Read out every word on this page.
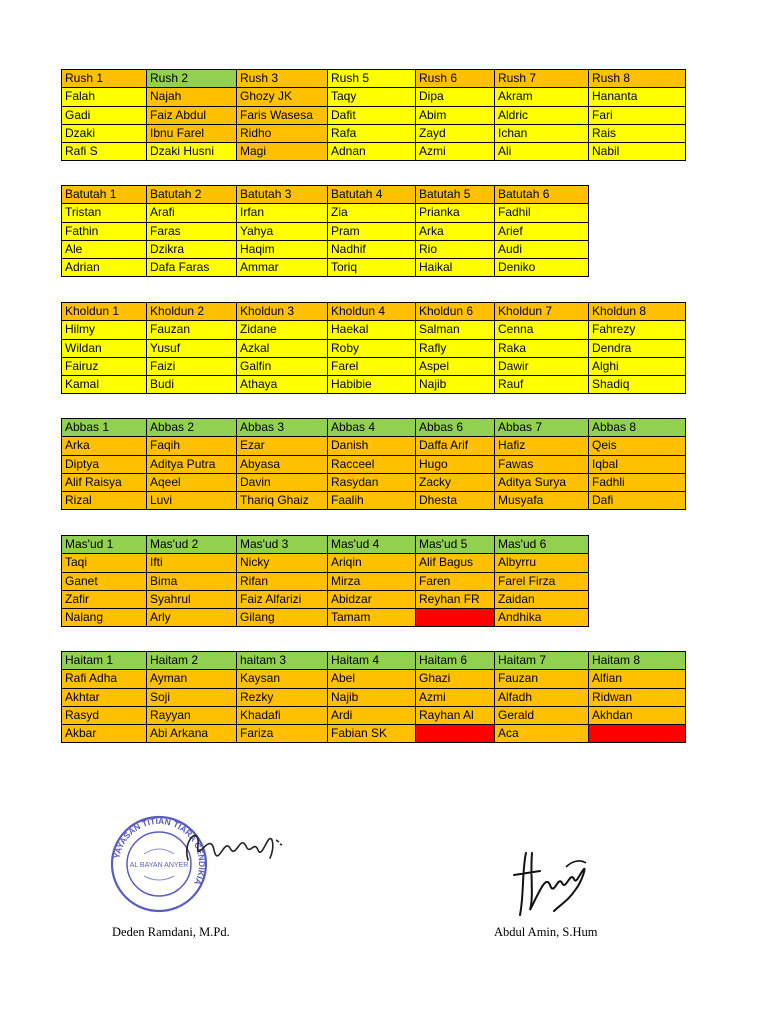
Rush 1	Rush 2	Rush 3	Rush 5	Rush 6	Rush 7	Rush 8
Falah	Najah	Ghozy JK	Taqy	Dipa	Akram	Hananta
Gadi	Faiz Abdul	Faris Wasesa	Dafit	Abim	Aldric	Fari
Dzaki	Ibnu Farel	Ridho	Rafa	Zayd	Ichan	Rais
Rafi S	Dzaki Husni	Magi	Adnan	Azmi	Ali	Nabil
Batutah 1	Batutah 2	Batutah 3	Batutah 4	Batutah 5	Batutah 6
Tristan	Arafi	Irfan	Zia	Prianka	Fadhil
Fathin	Faras	Yahya	Pram	Arka	Arief
Ale	Dzikra	Haqim	Nadhif	Rio	Audi
Adrian	Dafa Faras	Ammar	Toriq	Haikal	Deniko
Kholdun 1	Kholdun 2	Kholdun 3	Kholdun 4	Kholdun 6	Kholdun 7	Kholdun 8
Hilmy	Fauzan	Zidane	Haekal	Salman	Cenna	Fahrezy
Wildan	Yusuf	Azkal	Roby	Rafly	Raka	Dendra
Fairuz	Faizi	Galfin	Farel	Aspel	Dawir	Alghi
Kamal	Budi	Athaya	Habibie	Najib	Rauf	Shadiq
Abbas 1	Abbas 2	Abbas 3	Abbas 4	Abbas 6	Abbas 7	Abbas 8
Arka	Faqih	Ezar	Danish	Daffa Arif	Hafiz	Qeis
Diptya	Aditya Putra	Abyasa	Racceel	Hugo	Fawas	Iqbal
Alif Raisya	Aqeel	Davin	Rasydan	Zacky	Aditya Surya	Fadhli
Rizal	Luvi	Thariq Ghaiz	Faalih	Dhesta	Musyafa	Dafi
Mas'ud 1	Mas'ud 2	Mas'ud 3	Mas'ud 4	Mas'ud 5	Mas'ud 6
Taqi	Ifti	Nicky	Ariqin	Alif Bagus	Albyrru
Ganet	Bima	Rifan	Mirza	Faren	Farel Firza
Zafir	Syahrul	Faiz Alfarizi	Abidzar	Reyhan FR	Zaidan
Nalang	Arly	Gilang	Tamam		Andhika
Haitam 1	Haitam 2	haitam 3	Haitam 4	Haitam 6	Haitam 7	Haitam 8
Rafi Adha	Ayman	Kaysan	Abel	Ghazi	Fauzan	Alfian
Akhtar	Soji	Rezky	Najib	Azmi	Alfadh	Ridwan
Rasyd	Rayyan	Khadafi	Ardi	Rayhan Al	Gerald	Akhdan
Akbar	Abi Arkana	Fariza	Fabian SK		Aca	
YAYASAN TITIAN TIARA CENDIKIA
AL BAYAN ANYER
Deden Ramdani, M.Pd.	Abdul Amin, S.Hum
